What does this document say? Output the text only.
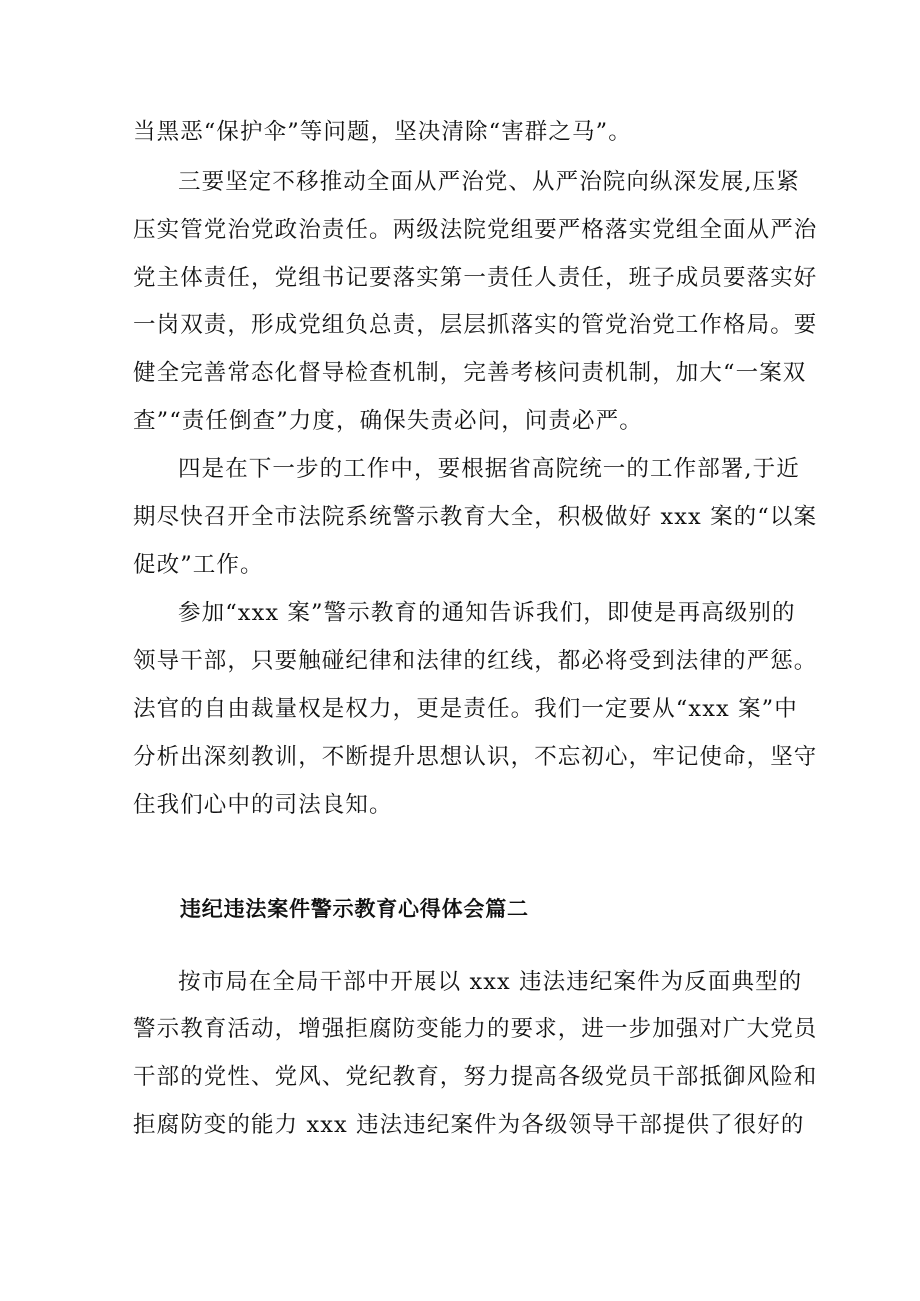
当黑恶“保护伞”等问题，坚决清除“害群之马”。
三要坚定不移推动全面从严治党、从严治院向纵深发展,压紧
压实管党治党政治责任。两级法院党组要严格落实党组全面从严治
党主体责任，党组书记要落实第一责任人责任，班子成员要落实好
一岗双责，形成党组负总责，层层抓落实的管党治党工作格局。要
健全完善常态化督导检查机制，完善考核问责机制，加大“一案双
查”“责任倒查”力度，确保失责必问，问责必严。
四是在下一步的工作中，要根据省高院统一的工作部署,于近
期尽快召开全市法院系统警示教育大全，积极做好 xxx 案的“以案
促改”工作。
参加“xxx 案”警示教育的通知告诉我们，即使是再高级别的
领导干部，只要触碰纪律和法律的红线，都必将受到法律的严惩。
法官的自由裁量权是权力，更是责任。我们一定要从“xxx 案”中
分析出深刻教训，不断提升思想认识，不忘初心，牢记使命，坚守
住我们心中的司法良知。
违纪违法案件警示教育心得体会篇二
按市局在全局干部中开展以 xxx 违法违纪案件为反面典型的
警示教育活动，增强拒腐防变能力的要求，进一步加强对广大党员
干部的党性、党风、党纪教育，努力提高各级党员干部抵御风险和
拒腐防变的能力 xxx 违法违纪案件为各级领导干部提供了很好的
